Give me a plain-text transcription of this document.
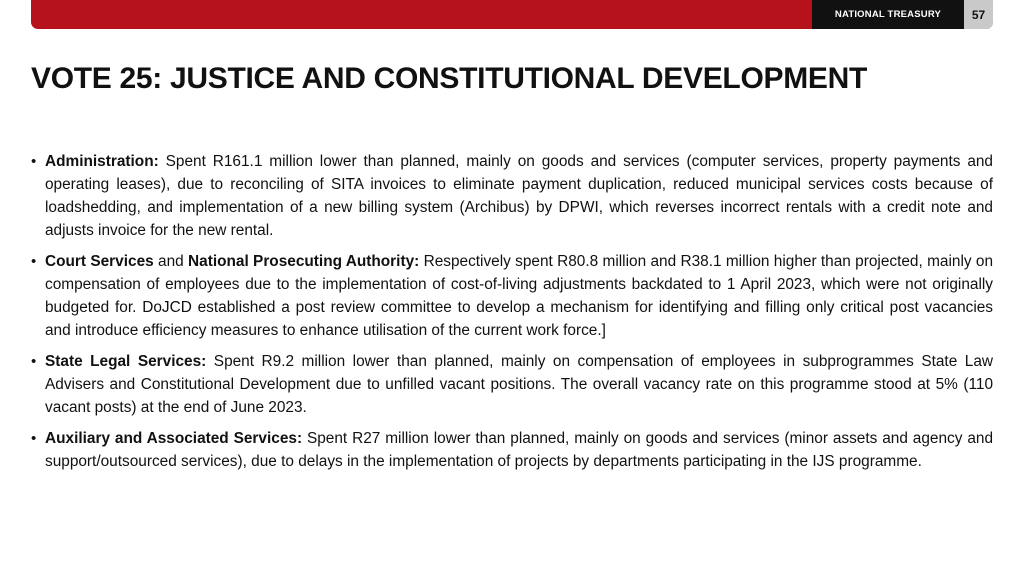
NATIONAL TREASURY	57
VOTE 25: JUSTICE AND CONSTITUTIONAL DEVELOPMENT
• Administration: Spent R161.1 million lower than planned, mainly on goods and services (computer services, property payments and operating leases), due to reconciling of SITA invoices to eliminate payment duplication, reduced municipal services costs because of loadshedding, and implementation of a new billing system (Archibus) by DPWI, which reverses incorrect rentals with a credit note and adjusts invoice for the new rental.
• Court Services and National Prosecuting Authority: Respectively spent R80.8 million and R38.1 million higher than projected, mainly on compensation of employees due to the implementation of cost-of-living adjustments backdated to 1 April 2023, which were not originally budgeted for. DoJCD established a post review committee to develop a mechanism for identifying and filling only critical post vacancies and introduce efficiency measures to enhance utilisation of the current work force.]
• State Legal Services: Spent R9.2 million lower than planned, mainly on compensation of employees in subprogrammes State Law Advisers and Constitutional Development due to unfilled vacant positions. The overall vacancy rate on this programme stood at 5% (110 vacant posts) at the end of June 2023.
• Auxiliary and Associated Services: Spent R27 million lower than planned, mainly on goods and services (minor assets and agency and support/outsourced services), due to delays in the implementation of projects by departments participating in the IJS programme.
